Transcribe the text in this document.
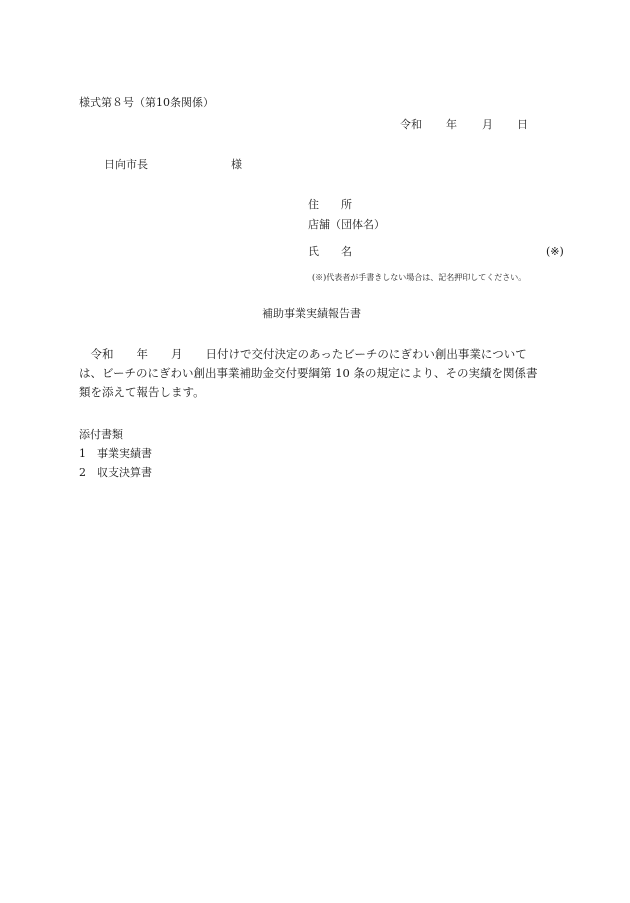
様式第８号（第10条関係）
令和 年 月 日
日向市長	様
住　　所
店舗（団体名）
氏　　名	(※)
(※)代表者が手書きしない場合は、記名押印してください。
補助事業実績報告書
　令和　　年　　月　　日付けで交付決定のあったビーチのにぎわい創出事業について
は、ビーチのにぎわい創出事業補助金交付要綱第 10 条の規定により、その実績を関係書
類を添えて報告します。
添付書類
1　事業実績書
2　収支決算書
